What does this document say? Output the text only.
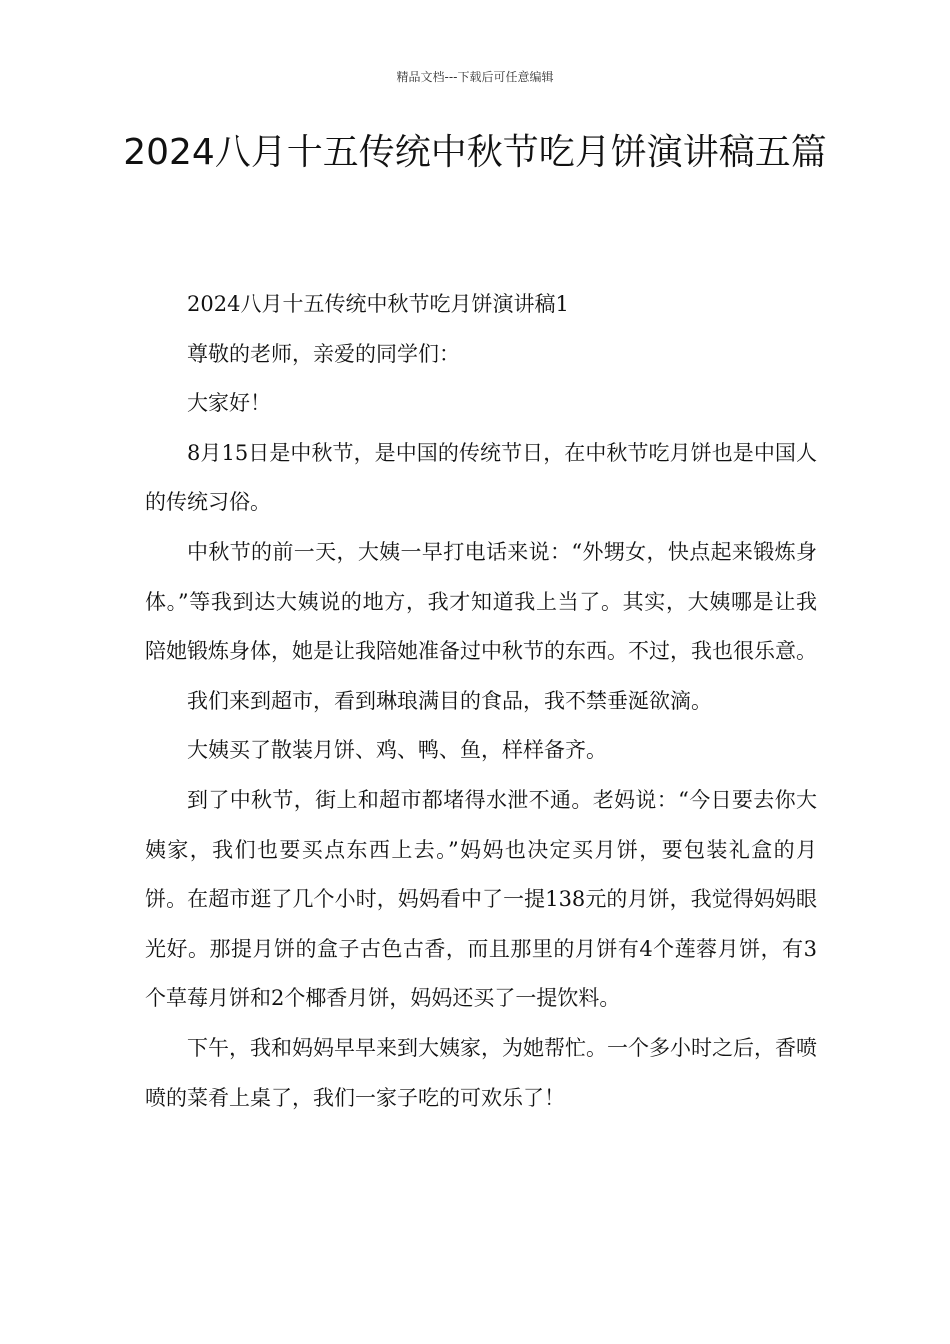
精品文档---下载后可任意编辑
2024八月十五传统中秋节吃月饼演讲稿五篇

2024八月十五传统中秋节吃月饼演讲稿1

尊敬的老师，亲爱的同学们：

大家好！

8月15日是中秋节，是中国的传统节日，在中秋节吃月饼也是中国人的传统习俗。

中秋节的前一天，大姨一早打电话来说：“外甥女，快点起来锻炼身体。”等我到达大姨说的地方，我才知道我上当了。其实，大姨哪是让我陪她锻炼身体，她是让我陪她准备过中秋节的东西。不过，我也很乐意。

我们来到超市，看到琳琅满目的食品，我不禁垂涎欲滴。

大姨买了散装月饼、鸡、鸭、鱼，样样备齐。

到了中秋节，街上和超市都堵得水泄不通。老妈说：“今日要去你大姨家，我们也要买点东西上去。”妈妈也决定买月饼，要包装礼盒的月饼。在超市逛了几个小时，妈妈看中了一提138元的月饼，我觉得妈妈眼光好。那提月饼的盒子古色古香，而且那里的月饼有4个莲蓉月饼，有3个草莓月饼和2个椰香月饼，妈妈还买了一提饮料。

下午，我和妈妈早早来到大姨家，为她帮忙。一个多小时之后，香喷喷的菜肴上桌了，我们一家子吃的可欢乐了！
